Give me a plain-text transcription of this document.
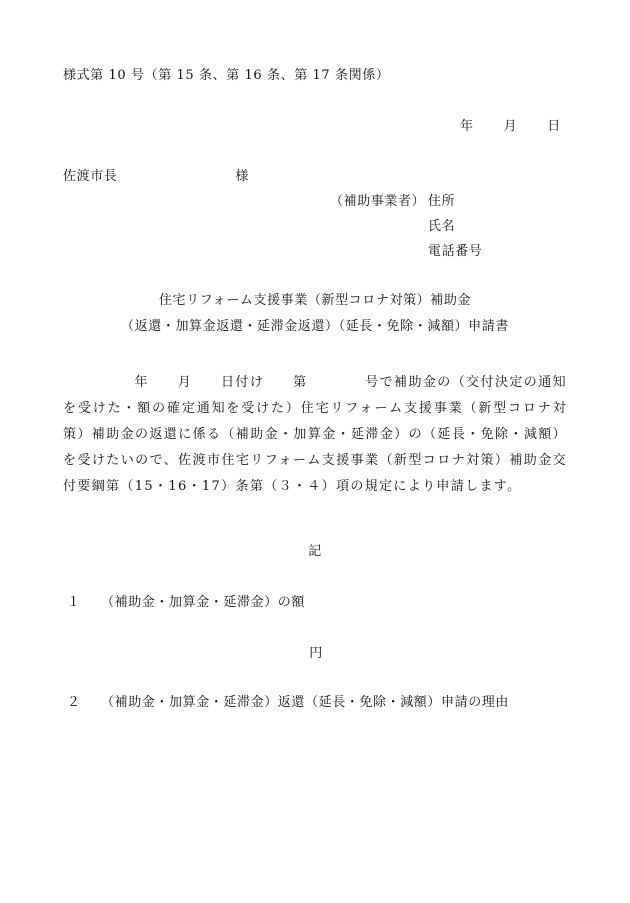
様式第 10 号（第 15 条、第 16 条、第 17 条関係）
年 月 日
佐渡市長	様
（補助事業者） 住所
氏名
電話番号
住宅リフォーム支援事業（新型コロナ対策）補助金
（返還・加算金返還・延滞金返還）（延長・免除・減額）申請書
年　　月　　日付け　　第　　　　号で補助金の（交付決定の通知を受けた・額の確定通知を受けた）住宅リフォーム支援事業（新型コロナ対策）補助金の返還に係る（補助金・加算金・延滞金）の（延長・免除・減額）を受けたいので、佐渡市住宅リフォーム支援事業（新型コロナ対策）補助金交付要綱第（15・16・17）条第（３・４）項の規定により申請します。
記
１ （補助金・加算金・延滞金）の額
円
２ （補助金・加算金・延滞金）返還（延長・免除・減額）申請の理由
